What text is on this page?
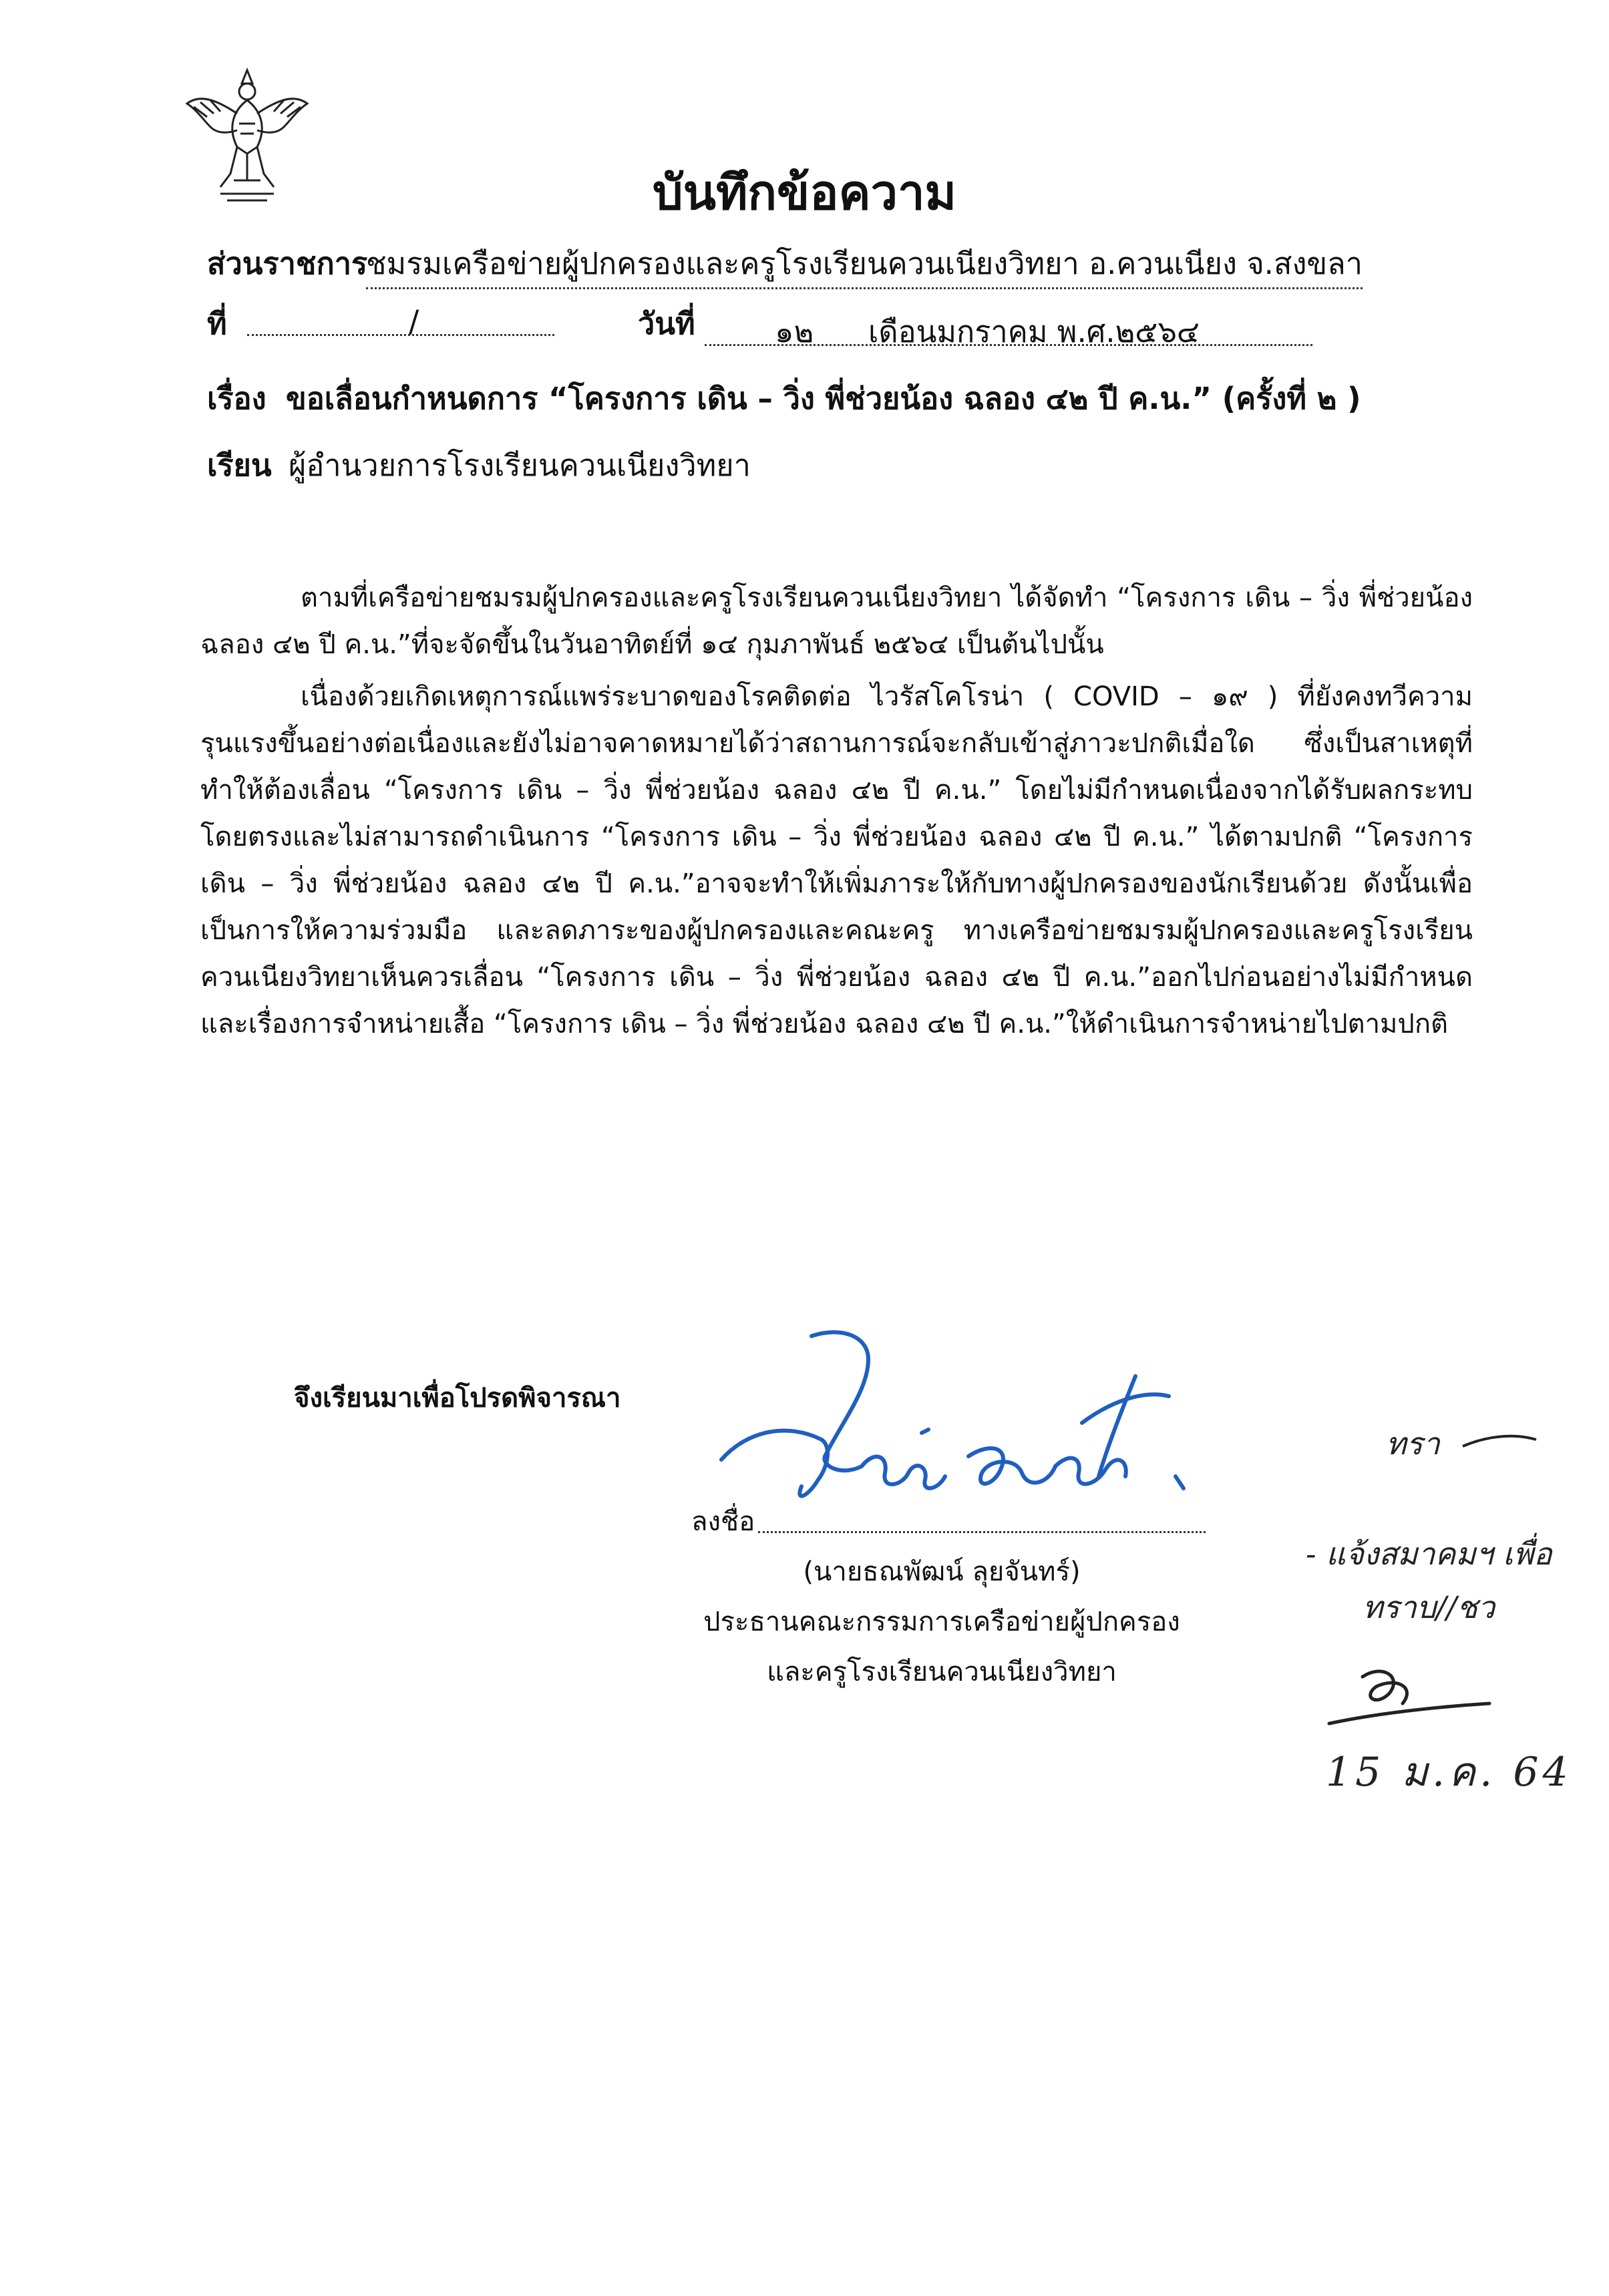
บันทึกข้อความ
ส่วนราชการ
ชมรมเครือข่ายผู้ปกครองและครูโรงเรียนควนเนียงวิทยา อ.ควนเนียง จ.สงขลา
ที่	/	วันที่	๑๒ เดือนมกราคม พ.ศ.๒๕๖๔
เรื่อง ขอเลื่อนกำหนดการ “โครงการ เดิน – วิ่ง พี่ช่วยน้อง ฉลอง ๔๒ ปี ค.น.” (ครั้งที่ ๒ )
เรียน ผู้อำนวยการโรงเรียนควนเนียงวิทยา

ตามที่เครือข่ายชมรมผู้ปกครองและครูโรงเรียนควนเนียงวิทยา ได้จัดทำ “โครงการ เดิน – วิ่ง พี่ช่วยน้อง ฉลอง ๔๒ ปี ค.น.”ที่จะจัดขึ้นในวันอาทิตย์ที่ ๑๔ กุมภาพันธ์ ๒๕๖๔ เป็นต้นไปนั้น

เนื่องด้วยเกิดเหตุการณ์แพร่ระบาดของโรคติดต่อ ไวรัสโคโรน่า ( COVID – ๑๙ ) ที่ยังคงทวีความรุนแรงขึ้นอย่างต่อเนื่องและยังไม่อาจคาดหมายได้ว่าสถานการณ์จะกลับเข้าสู่ภาวะปกติเมื่อใด ซึ่งเป็นสาเหตุที่ทำให้ต้องเลื่อน “โครงการ เดิน – วิ่ง พี่ช่วยน้อง ฉลอง ๔๒ ปี ค.น.” โดยไม่มีกำหนดเนื่องจากได้รับผลกระทบโดยตรงและไม่สามารถดำเนินการ “โครงการ เดิน – วิ่ง พี่ช่วยน้อง ฉลอง ๔๒ ปี ค.น.” ได้ตามปกติ “โครงการ เดิน – วิ่ง พี่ช่วยน้อง ฉลอง ๔๒ ปี ค.น.”อาจจะทำให้เพิ่มภาระให้กับทางผู้ปกครองของนักเรียนด้วย ดังนั้นเพื่อเป็นการให้ความร่วมมือ และลดภาระของผู้ปกครองและคณะครู ทางเครือข่ายชมรมผู้ปกครองและครูโรงเรียนควนเนียงวิทยาเห็นควรเลื่อน “โครงการ เดิน – วิ่ง พี่ช่วยน้อง ฉลอง ๔๒ ปี ค.น.”ออกไปก่อนอย่างไม่มีกำหนด และเรื่องการจำหน่ายเสื้อ “โครงการ เดิน – วิ่ง พี่ช่วยน้อง ฉลอง ๔๒ ปี ค.น.”ให้ดำเนินการจำหน่ายไปตามปกติ

จึงเรียนมาเพื่อโปรดพิจารณา
ลงชื่อ
(นายธณพัฒน์ ลุยจันทร์)
ประธานคณะกรรมการเครือข่ายผู้ปกครอง
และครูโรงเรียนควนเนียงวิทยา
ทรา
- แจ้งสมาคมฯ เพื่อ
ทราบ//ชว
15 ม.ค. 64
